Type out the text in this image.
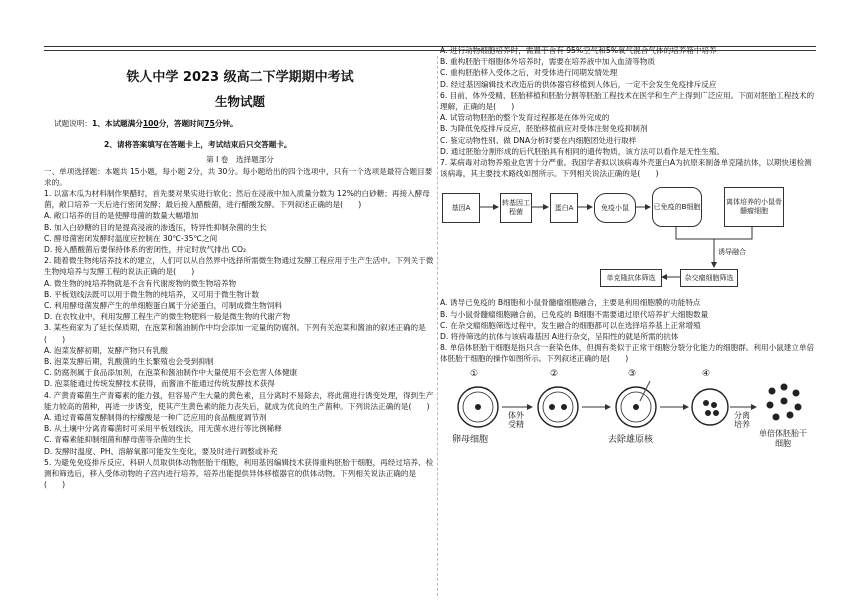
铁人中学 2023 级高二下学期期中考试
生物试题

试题说明：1、本试题满分100分，答题时间75分钟。

2、请将答案填写在答题卡上，考试结束后只交答题卡。

第 Ⅰ 卷　选择题部分

一、单项选择题：本题共 15小题，每小题 2分，共 30分。每小题给出的四个选项中，只有一个选项是最符合题目要求的。

1. 以富木瓜为材料制作果醋时，首先要对果实进行软化；然后在浸液中加入质量分数为 12%的白砂糖；再接入酵母菌，敞口培养一天后进行密闭发酵；最后接入醋酸菌，进行醋酸发酵。下列叙述正确的是(　　)

A. 敞口培养的目的是使酵母菌的数量大幅增加

B. 加入白砂糖的目的是提高浸液的渗透压，特异性抑制杂菌的生长

C. 酵母菌密闭发酵时温度应控制在 30℃-35℃之间

D. 接入醋酸菌后要保持体系的密闭性，并定时放气排出 CO₂

2. 随着微生物纯培养技术的建立，人们可以从自然界中选择所需微生物通过发酵工程应用于生产生活中。下列关于微生物纯培养与发酵工程的说法正确的是(　　)

A. 微生物的纯培养物就是不含有代谢废物的微生物培养物

B. 平板划线法既可以用于微生物的纯培养，又可用于微生物计数

C. 利用酵母菌发酵产生的单细胞蛋白属于分泌蛋白，可制成微生物饲料

D. 在农牧业中，利用发酵工程生产的微生物肥料一般是微生物的代谢产物

3. 某些商家为了延长保质期，在泡菜和酱油制作中均会添加一定量的防腐剂。下列有关泡菜和酱油的叙述正确的是(　　)

A. 泡菜发酵初期，发酵产物只有乳酸

B. 泡菜发酵后期，乳酸菌的生长繁殖也会受到抑制

C. 防腐剂属于食品添加剂，在泡菜和酱油制作中大量使用不会危害人体健康

D. 泡菜能通过传统发酵技术获得，而酱油不能通过传统发酵技术获得

4. 产黄青霉菌生产青霉素的能力强，但容易产生大量的黄色素，且分离时不易除去，将此菌进行诱变处理，得到生产能力较高的菌种，再进一步诱变，使其产生黄色素的能力丧失后，就成为优良的生产菌种。下列说法正确的是(　　)

A. 通过青霉菌发酵制得的柠檬酸是一种广泛应用的食品酸度调节剂

B. 从土壤中分离青霉菌时可采用平板划线法，用无菌水进行等比例稀释

C. 青霉素能抑制细菌和酵母菌等杂菌的生长

D. 发酵时温度、PH、溶解氧都可能发生变化，要及时进行调整或补充

5. 为避免免疫排斥反应、科研人员取供体动物胚胎干细胞，利用基因编辑技术获得重构胚胎干细胞，再经过培养、检测和筛选后，移入受体动物的子宫内进行培养，培养出能提供异体移植器官的供体动物。下列相关说法正确的是(　　)

A. 进行动物细胞培养时，需置于含有 95%空气和5%氧气混合气体的培养箱中培养

B. 重构胚胎干细胞体外培养时，需要在培养液中加入血清等物质

C. 重构胚胎移入受体之后，对受体进行同期发情处理

D. 经过基因编辑技术改造后的供体器官移植到人体后，一定不会发生免疫排斥反应

6. 目前，体外受精、胚胎移植和胚胎分割等胚胎工程技术在医学和生产上得到广泛应用。下面对胚胎工程技术的理解，正确的是(　　)

A. 试管动物胚胎的整个发育过程都是在体外完成的

B. 为降低免疫排斥反应，胚胎移植前应对受体注射免疫抑制剂

C. 鉴定动物性别、做 DNA分析时要在内细胞团处进行取样

D. 通过胚胎分割形成的后代胚胎具有相同的遗传物质，该方法可以看作是无性生殖。

7. 某病毒对动物养殖业危害十分严重。我国学者拟以该病毒外壳蛋白A为抗原来制备单克隆抗体，以期快速检测该病毒，其主要技术路线如图所示。下列相关说法正确的是(　　)

基因A
转基因工程菌
蛋白A	免疫小鼠	已免疫的B细胞
离体培养的小鼠骨髓瘤细胞
诱导融合
杂交瘤细胞筛选
单克隆抗体筛选

A. 诱导已免疫的 B细胞和小鼠骨髓瘤细胞融合，主要是利用细胞膜的功能特点

B. 与小鼠骨髓瘤细胞融合前，已免疫的 B细胞不需要通过原代培养扩大细胞数量

C. 在杂交瘤细胞筛选过程中，发生融合的细胞都可以在选择培养基上正常增殖

D. 将待筛选的抗体与该病毒基因 A进行杂交，呈阳性的就是所需的抗体

8. 单倍体胚胎干细胞是指只含一套染色体，但拥有类似于正常干细胞分裂分化能力的细胞群。利用小鼠建立单倍体胚胎干细胞的操作如图所示。下列叙述正确的是(　　)

①	②	③	④
体外受精
分离培养
卵母细胞	去除雄原核
单倍体胚胎干细胞
